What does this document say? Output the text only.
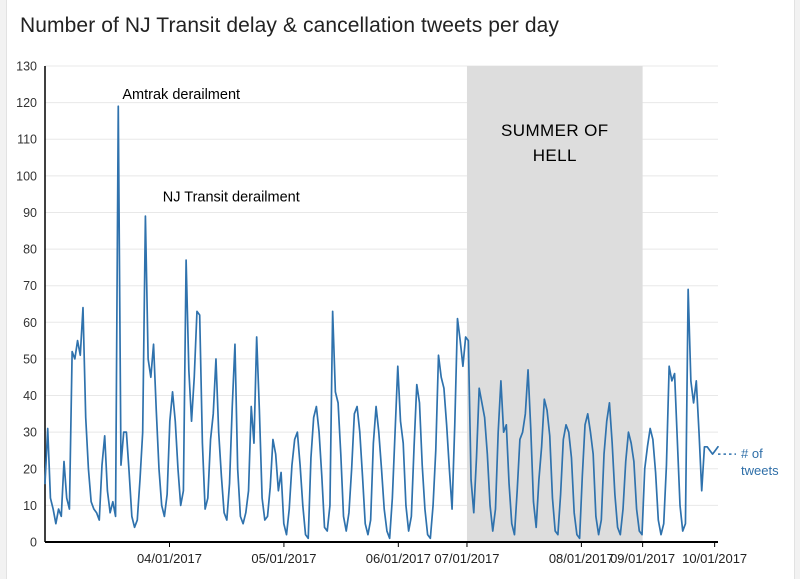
Number of NJ Transit delay & cancellation tweets per day
SUMMER OF
HELL
0
10
20
30
40
50
60
70
80
90
100
110
120
130
04/01/2017	05/01/2017	06/01/2017 07/01/2017	08/01/2017
09/01/2017 10/01/2017
Amtrak derailment
NJ Transit derailment
# of
tweets
